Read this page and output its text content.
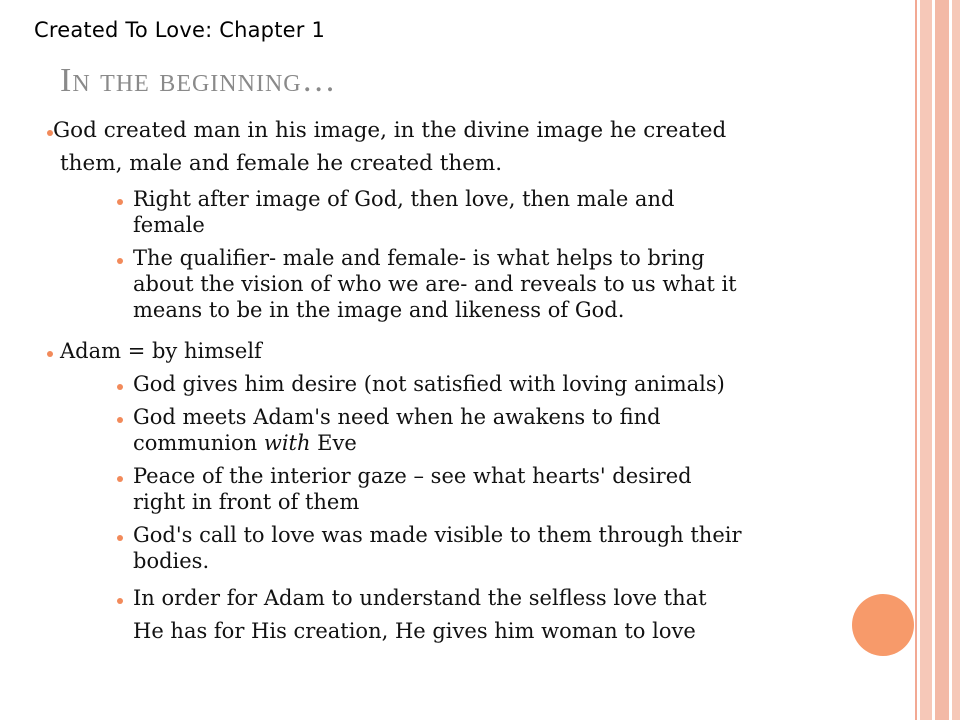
Created To Love: Chapter 1
In the beginning…
God created man in his image, in the divine image he created
them, male and female he created them.
Right after image of God, then love, then male and
female
The qualifier- male and female- is what helps to bring
about the vision of who we are- and reveals to us what it
means to be in the image and likeness of God.
Adam = by himself
God gives him desire (not satisfied with loving animals)
God meets Adam's need when he awakens to find
communion with Eve
Peace of the interior gaze – see what hearts' desired
right in front of them
God's call to love was made visible to them through their
bodies.
In order for Adam to understand the selfless love that
He has for His creation, He gives him woman to love
